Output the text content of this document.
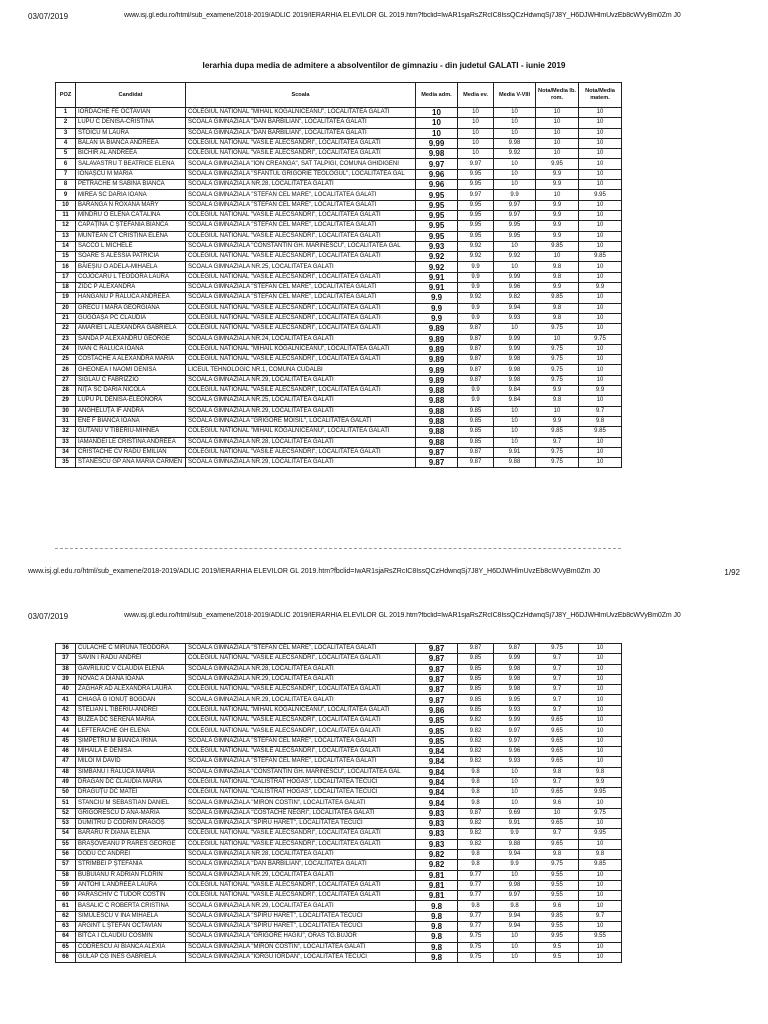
03/07/2019	www.isj.gl.edu.ro/html/sub_examene/2018-2019/ADLIC 2019/IERARHIA ELEVILOR GL 2019.htm?fbclid=IwAR1sjaRsZRcIC8IssQCzHdwnqSj7J8Y_H6DJWHlmUvzEb8cWVyBm0Zm J0
Ierarhia dupa media de admitere a absolventilor de gimnaziu - din judetul GALATI - iunie 2019
POZ	Candidat	Scoala	Media adm.	Media ev.	Media V-VIII	Nota/Media lb. rom.	Nota/Media matem.
1	IORDACHE FE OCTAVIAN	COLEGIUL NATIONAL "MIHAIL KOGALNICEANU", LOCALITATEA GALATI	10	10	10	10	10
2	LUPU C DENISA-CRISTINA	SCOALA GIMNAZIALA "DAN BARBILIAN", LOCALITATEA GALATI	10	10	10	10	10
3	STOICU M LAURA	SCOALA GIMNAZIALA "DAN BARBILIAN", LOCALITATEA GALATI	10	10	10	10	10
4	BALAN IA BIANCA ANDREEA	COLEGIUL NATIONAL "VASILE ALECSANDRI", LOCALITATEA GALATI	9.99	10	9.98	10	10
5	BICHIR AL ANDREEA	COLEGIUL NATIONAL "VASILE ALECSANDRI", LOCALITATEA GALATI	9.98	10	9.92	10	10
6	SALAVASTRU T BEATRICE ELENA	SCOALA GIMNAZIALA "ION CREANGA", SAT TALPIGI, COMUNA GHIDIGENI	9.97	9.97	10	9.95	10
7	IONAȘCU M MARIA	SCOALA GIMNAZIALA "SFANTUL GRIGORIE TEOLOGUL", LOCALITATEA GAL	9.96	9.95	10	9.9	10
8	PETRACHE M SABINA BIANCA	SCOALA GIMNAZIALA NR.28, LOCALITATEA GALATI	9.96	9.95	10	9.9	10
9	MIREA SC DARIA IOANA	SCOALA GIMNAZIALA "STEFAN CEL MARE", LOCALITATEA GALATI	9.95	9.97	9.9	10	9.95
10	BARANGA N ROXANA MARY	SCOALA GIMNAZIALA "STEFAN CEL MARE", LOCALITATEA GALATI	9.95	9.95	9.97	9.9	10
11	MÎNDRU O ELENA CĂTĂLINA	COLEGIUL NATIONAL "VASILE ALECSANDRI", LOCALITATEA GALATI	9.95	9.95	9.97	9.9	10
12	CĂPĂȚÎNĂ C ȘTEFANIA BIANCA	SCOALA GIMNAZIALA "STEFAN CEL MARE", LOCALITATEA GALATI	9.95	9.95	9.95	9.9	10
13	MUNTEAN CT CRISTINA ELENA	COLEGIUL NATIONAL "VASILE ALECSANDRI", LOCALITATEA GALATI	9.95	9.95	9.95	9.9	10
14	SACCO L MICHELE	SCOALA GIMNAZIALA "CONSTANTIN GH. MARINESCU", LOCALITATEA GAL	9.93	9.92	10	9.85	10
15	SOARE S ALESSIA PATRICIA	COLEGIUL NATIONAL "VASILE ALECSANDRI", LOCALITATEA GALATI	9.92	9.92	9.92	10	9.85
16	BĂIEȘIU O ADELA-MIHAELA	SCOALA GIMNAZIALA NR.25, LOCALITATEA GALATI	9.92	9.9	10	9.8	10
17	COJOCARU L TEODORA LAURA	COLEGIUL NATIONAL "VASILE ALECSANDRI", LOCALITATEA GALATI	9.91	9.9	9.99	9.8	10
18	ZIDC P ALEXANDRA	SCOALA GIMNAZIALA "STEFAN CEL MARE", LOCALITATEA GALATI	9.91	9.9	9.96	9.9	9.9
19	HANGANU P RALUCA ANDREEA	SCOALA GIMNAZIALA "STEFAN CEL MARE", LOCALITATEA GALATI	9.9	9.92	9.82	9.85	10
20	GRECU I MARA GEORGIANA	COLEGIUL NATIONAL "VASILE ALECSANDRI", LOCALITATEA GALATI	9.9	9.9	9.94	9.8	10
21	GUGOAȘĂ PC CLAUDIA	COLEGIUL NATIONAL "VASILE ALECSANDRI", LOCALITATEA GALATI	9.9	9.9	9.93	9.8	10
22	AMARIEI L ALEXANDRA GABRIELA	COLEGIUL NATIONAL "VASILE ALECSANDRI", LOCALITATEA GALATI	9.89	9.87	10	9.75	10
23	SANDA P ALEXANDRU GEORGE	SCOALA GIMNAZIALA NR.24, LOCALITATEA GALATI	9.89	9.87	9.99	10	9.75
24	IVAN C RALUCA IOANA	COLEGIUL NATIONAL "MIHAIL KOGALNICEANU", LOCALITATEA GALATI	9.89	9.87	9.99	9.75	10
25	COSTACHE A ALEXANDRA MARIA	COLEGIUL NATIONAL "VASILE ALECSANDRI", LOCALITATEA GALATI	9.89	9.87	9.98	9.75	10
26	GHEONEA I NAOMI DENISA	LICEUL TEHNOLOGIC NR.1, COMUNA CUDALBI	9.89	9.87	9.98	9.75	10
27	SIGLĂU C FABRIZZIO	SCOALA GIMNAZIALA NR.29, LOCALITATEA GALATI	9.89	9.87	9.98	9.75	10
28	NIȚĂ SC DARIA NICOLA	COLEGIUL NATIONAL "VASILE ALECSANDRI", LOCALITATEA GALATI	9.88	9.9	9.84	9.9	9.9
29	LUPU PL DENISA-ELEONORA	SCOALA GIMNAZIALA NR.25, LOCALITATEA GALATI	9.88	9.9	9.84	9.8	10
30	ANGHELUȚĂ IF ANDRA	SCOALA GIMNAZIALA NR.29, LOCALITATEA GALATI	9.88	9.85	10	10	9.7
31	ENE F BIANCA IOANA	SCOALA GIMNAZIALA "GRIGORE MOISIL", LOCALITATEA GALATI	9.88	9.85	10	9.9	9.8
32	GUTANU V TIBERIU-MIHNEA	COLEGIUL NATIONAL "MIHAIL KOGALNICEANU", LOCALITATEA GALATI	9.88	9.85	10	9.85	9.85
33	IAMANDEI LE CRISTINA ANDREEA	SCOALA GIMNAZIALA NR.28, LOCALITATEA GALATI	9.88	9.85	10	9.7	10
34	CRISTACHE CV RADU EMILIAN	COLEGIUL NATIONAL "VASILE ALECSANDRI", LOCALITATEA GALATI	9.87	9.87	9.91	9.75	10
35	STĂNESCU GP ANA MARIA CARMEN	SCOALA GIMNAZIALA NR.29, LOCALITATEA GALATI	9.87	9.87	9.88	9.75	10
www.isj.gl.edu.ro/html/sub_examene/2018-2019/ADLIC 2019/IERARHIA ELEVILOR GL 2019.htm?fbclid=IwAR1sjaRsZRcIC8IssQCzHdwnqSj7J8Y_H6DJWHlmUvzEb8cWVyBm0Zm J0	1/92
03/07/2019	www.isj.gl.edu.ro/html/sub_examene/2018-2019/ADLIC 2019/IERARHIA ELEVILOR GL 2019.htm?fbclid=IwAR1sjaRsZRcIC8IssQCzHdwnqSj7J8Y_H6DJWHlmUvzEb8cWVyBm0Zm J0
36	CULACHE C MIRUNA TEODORA	SCOALA GIMNAZIALA "STEFAN CEL MARE", LOCALITATEA GALATI	9.87	9.87	9.87	9.75	10
37	SAVIN I RADU ANDREI	COLEGIUL NATIONAL "VASILE ALECSANDRI", LOCALITATEA GALATI	9.87	9.85	9.99	9.7	10
38	GAVRILIUC V CLAUDIA ELENA	SCOALA GIMNAZIALA NR.28, LOCALITATEA GALATI	9.87	9.85	9.98	9.7	10
39	NOVAC A DIANA IOANA	SCOALA GIMNAZIALA NR.29, LOCALITATEA GALATI	9.87	9.85	9.98	9.7	10
40	ZAGHĂR AD ALEXANDRA LAURA	COLEGIUL NATIONAL "VASILE ALECSANDRI", LOCALITATEA GALATI	9.87	9.85	9.98	9.7	10
41	CHIAGĂ G IONUȚ BOGDAN	SCOALA GIMNAZIALA NR.29, LOCALITATEA GALATI	9.87	9.85	9.95	9.7	10
42	STELIAN L TIBERIU-ANDREI	COLEGIUL NATIONAL "MIHAIL KOGALNICEANU", LOCALITATEA GALATI	9.86	9.85	9.93	9.7	10
43	BUZEA DC SERENA MARIA	COLEGIUL NATIONAL "VASILE ALECSANDRI", LOCALITATEA GALATI	9.85	9.82	9.99	9.65	10
44	LEFTERACHE GH ELENA	COLEGIUL NATIONAL "VASILE ALECSANDRI", LOCALITATEA GALATI	9.85	9.82	9.97	9.65	10
45	ȘIMPETRU M BIANCA IRINA	SCOALA GIMNAZIALA "STEFAN CEL MARE", LOCALITATEA GALATI	9.85	9.82	9.97	9.65	10
46	MIHĂILĂ E DENISA	COLEGIUL NATIONAL "VASILE ALECSANDRI", LOCALITATEA GALATI	9.84	9.82	9.96	9.65	10
47	MILOI M DAVID	SCOALA GIMNAZIALA "STEFAN CEL MARE", LOCALITATEA GALATI	9.84	9.82	9.93	9.65	10
48	SIMBANU I RALUCA MARIA	SCOALA GIMNAZIALA "CONSTANTIN GH. MARINESCU", LOCALITATEA GAL	9.84	9.8	10	9.8	9.8
49	DRĂGAN DC CLAUDIA MARIA	COLEGIUL NATIONAL "CALISTRAT HOGAS", LOCALITATEA TECUCI	9.84	9.8	10	9.7	9.9
50	DRĂGUȚU DC MATEI	COLEGIUL NATIONAL "CALISTRAT HOGAS", LOCALITATEA TECUCI	9.84	9.8	10	9.65	9.95
51	STANCIU M SEBASTIAN DANIEL	SCOALA GIMNAZIALA "MIRON COSTIN", LOCALITATEA GALATI	9.84	9.8	10	9.6	10
52	GRIGORESCU D ANA-MARIA	SCOALA GIMNAZIALA "COSTACHE NEGRI", LOCALITATEA GALATI	9.83	9.87	9.69	10	9.75
53	DUMITRU D CODRIN DRAGOȘ	SCOALA GIMNAZIALA "SPIRU HARET", LOCALITATEA TECUCI	9.83	9.82	9.91	9.65	10
54	BARARU R DIANA ELENA	COLEGIUL NATIONAL "VASILE ALECSANDRI", LOCALITATEA GALATI	9.83	9.82	9.9	9.7	9.95
55	BRAȘOVEANU P RARES GEORGE	COLEGIUL NATIONAL "VASILE ALECSANDRI", LOCALITATEA GALATI	9.83	9.82	9.88	9.65	10
56	DODU CC ANDREI	SCOALA GIMNAZIALA NR.28, LOCALITATEA GALATI	9.82	9.8	9.94	9.8	9.8
57	STRÎMBEI P ȘTEFANIA	SCOALA GIMNAZIALA "DAN BARBILIAN", LOCALITATEA GALATI	9.82	9.8	9.9	9.75	9.85
58	BUBUIANU R ADRIAN FLORIN	SCOALA GIMNAZIALA NR.29, LOCALITATEA GALATI	9.81	9.77	10	9.55	10
59	ANTOHI L ANDREEA LAURA	COLEGIUL NATIONAL "VASILE ALECSANDRI", LOCALITATEA GALATI	9.81	9.77	9.98	9.55	10
60	PARASCHIV C TUDOR COSTIN	COLEGIUL NATIONAL "VASILE ALECSANDRI", LOCALITATEA GALATI	9.81	9.77	9.97	9.55	10
61	BASALIC C ROBERTA CRISTINA	SCOALA GIMNAZIALA NR.29, LOCALITATEA GALATI	9.8	9.8	9.8	9.6	10
62	SIMULESCU V INA MIHAELA	SCOALA GIMNAZIALA "SPIRU HARET", LOCALITATEA TECUCI	9.8	9.77	9.94	9.85	9.7
63	ARGINT L ȘTEFAN OCTAVIAN	SCOALA GIMNAZIALA "SPIRU HARET", LOCALITATEA TECUCI	9.8	9.77	9.94	9.55	10
64	BÎTCĂ I CLAUDIU COSMIN	SCOALA GIMNAZIALA "GRIGORE HAGIU", ORAS TG.BUJOR	9.8	9.75	10	9.95	9.55
65	CODRESCU AI BIANCA ALEXIA	SCOALA GIMNAZIALA "MIRON COSTIN", LOCALITATEA GALATI	9.8	9.75	10	9.5	10
66	GULAP CG INES GABRIELA	SCOALA GIMNAZIALA "IORGU IORDAN", LOCALITATEA TECUCI	9.8	9.75	10	9.5	10
